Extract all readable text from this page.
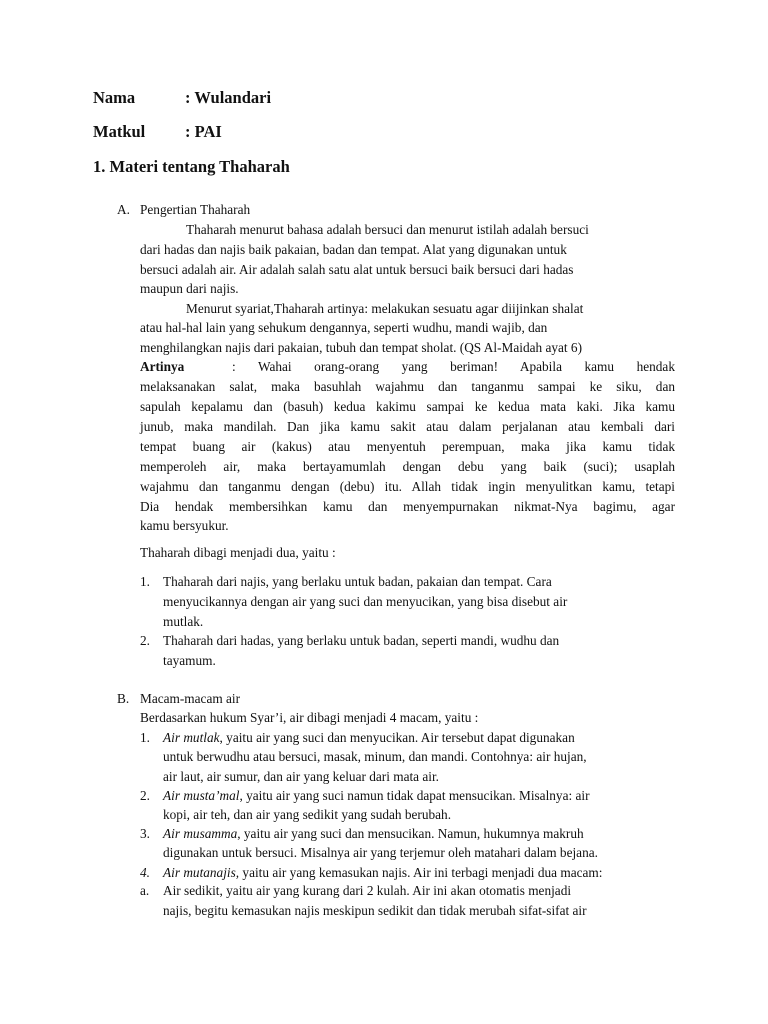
Nama	: Wulandari
Matkul : PAI
1. Materi tentang Thaharah
A. Pengertian Thaharah
Thaharah menurut bahasa adalah bersuci dan menurut istilah adalah bersuci
dari hadas dan najis baik pakaian, badan dan tempat. Alat yang digunakan untuk
bersuci adalah air. Air adalah salah satu alat untuk bersuci baik bersuci dari hadas
maupun dari najis.
Menurut syariat,Thaharah artinya: melakukan sesuatu agar diijinkan shalat
atau hal-hal lain yang sehukum dengannya, seperti wudhu, mandi wajib, dan
menghilangkan najis dari pakaian, tubuh dan tempat sholat. (QS Al-Maidah ayat 6)
Artinya	: Wahai orang-orang yang beriman! Apabila kamu hendak
melaksanakan salat, maka basuhlah wajahmu dan tanganmu sampai ke siku, dan
sapulah kepalamu dan (basuh) kedua kakimu sampai ke kedua mata kaki. Jika kamu
junub, maka mandilah. Dan jika kamu sakit atau dalam perjalanan atau kembali dari
tempat buang air (kakus) atau menyentuh perempuan, maka jika kamu tidak
memperoleh air, maka bertayamumlah dengan debu yang baik (suci); usaplah
wajahmu dan tanganmu dengan (debu) itu. Allah tidak ingin menyulitkan kamu, tetapi
Dia hendak membersihkan kamu dan menyempurnakan nikmat-Nya bagimu, agar
kamu bersyukur.
Thaharah dibagi menjadi dua, yaitu :
1. Thaharah dari najis, yang berlaku untuk badan, pakaian dan tempat. Cara
menyucikannya dengan air yang suci dan menyucikan, yang bisa disebut air
mutlak.
2. Thaharah dari hadas, yang berlaku untuk badan, seperti mandi, wudhu dan
tayamum.
B. Macam-macam air
Berdasarkan hukum Syar’i, air dibagi menjadi 4 macam, yaitu :
1. Air mutlak, yaitu air yang suci dan menyucikan. Air tersebut dapat digunakan
untuk berwudhu atau bersuci, masak, minum, dan mandi. Contohnya: air hujan,
air laut, air sumur, dan air yang keluar dari mata air.
2. Air musta’mal, yaitu air yang suci namun tidak dapat mensucikan. Misalnya: air
kopi, air teh, dan air yang sedikit yang sudah berubah.
3. Air musamma, yaitu air yang suci dan mensucikan. Namun, hukumnya makruh
digunakan untuk bersuci. Misalnya air yang terjemur oleh matahari dalam bejana.
4. Air mutanajis, yaitu air yang kemasukan najis. Air ini terbagi menjadi dua macam:
a. Air sedikit, yaitu air yang kurang dari 2 kulah. Air ini akan otomatis menjadi
najis, begitu kemasukan najis meskipun sedikit dan tidak merubah sifat-sifat air
